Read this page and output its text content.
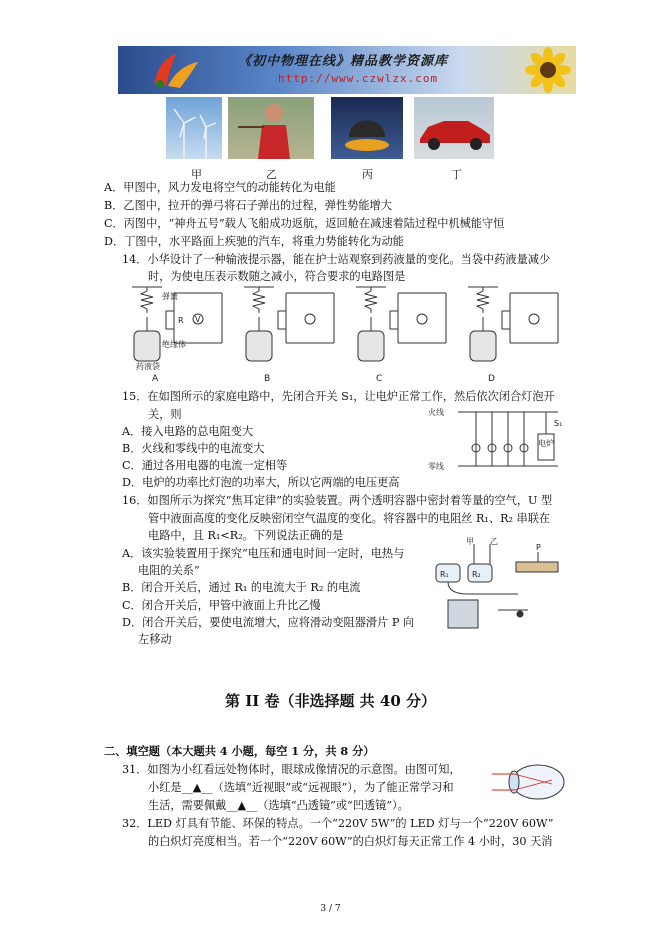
《初中物理在线》精品教学资源库
http://www.czwlzx.com
甲	乙	丙	丁
A．甲图中，风力发电将空气的动能转化为电能
B．乙图中，拉开的弹弓将石子弹出的过程，弹性势能增大
C．丙图中，“神舟五号”载人飞船成功返航，返回舱在减速着陆过程中机械能守恒
D．丁图中，水平路面上疾驰的汽车，将重力势能转化为动能
14．小华设计了一种输液提示器，能在护士站观察到药液量的变化。当袋中药液量减少
时，为使电压表示数随之减小，符合要求的电路图是
弹簧
绝缘体
药液袋
R V
A	B	C	D
15．在如图所示的家庭电路中，先闭合开关 S₁，让电炉正常工作，然后依次闭合灯泡开
关，则
A．接入电路的总电阻变大
B．火线和零线中的电流变大
C．通过各用电器的电流一定相等
D．电炉的功率比灯泡的功率大，所以它两端的电压更高
火线
零线
电炉
S₁
16．如图所示为探究“焦耳定律”的实验装置。两个透明容器中密封着等量的空气，U 型
管中液面高度的变化反映密闭空气温度的变化。将容器中的电阻丝 R₁、R₂ 串联在
电路中，且 R₁<R₂。下列说法正确的是
A．该实验装置用于探究“电压和通电时间一定时，电热与
电阻的关系”
B．闭合开关后，通过 R₁ 的电流大于 R₂ 的电流
C．闭合开关后，甲管中液面上升比乙慢
D．闭合开关后，要使电流增大，应将滑动变阻器滑片 P 向
左移动
甲 乙
R₁	R₂
P
第 II 卷（非选择题 共 40 分）
二、填空题（本大题共 4 小题，每空 1 分，共 8 分）
31．如图为小红看远处物体时，眼球成像情况的示意图。由图可知，
小红是__▲__（选填“近视眼”或“远视眼”），为了能正常学习和
生活，需要佩戴__▲__（选填“凸透镜”或“凹透镜”）。
32．LED 灯具有节能、环保的特点。一个“220V 5W”的 LED 灯与一个“220V 60W”
的白炽灯亮度相当。若一个“220V 60W”的白炽灯每天正常工作 4 小时，30 天消
3 / 7
